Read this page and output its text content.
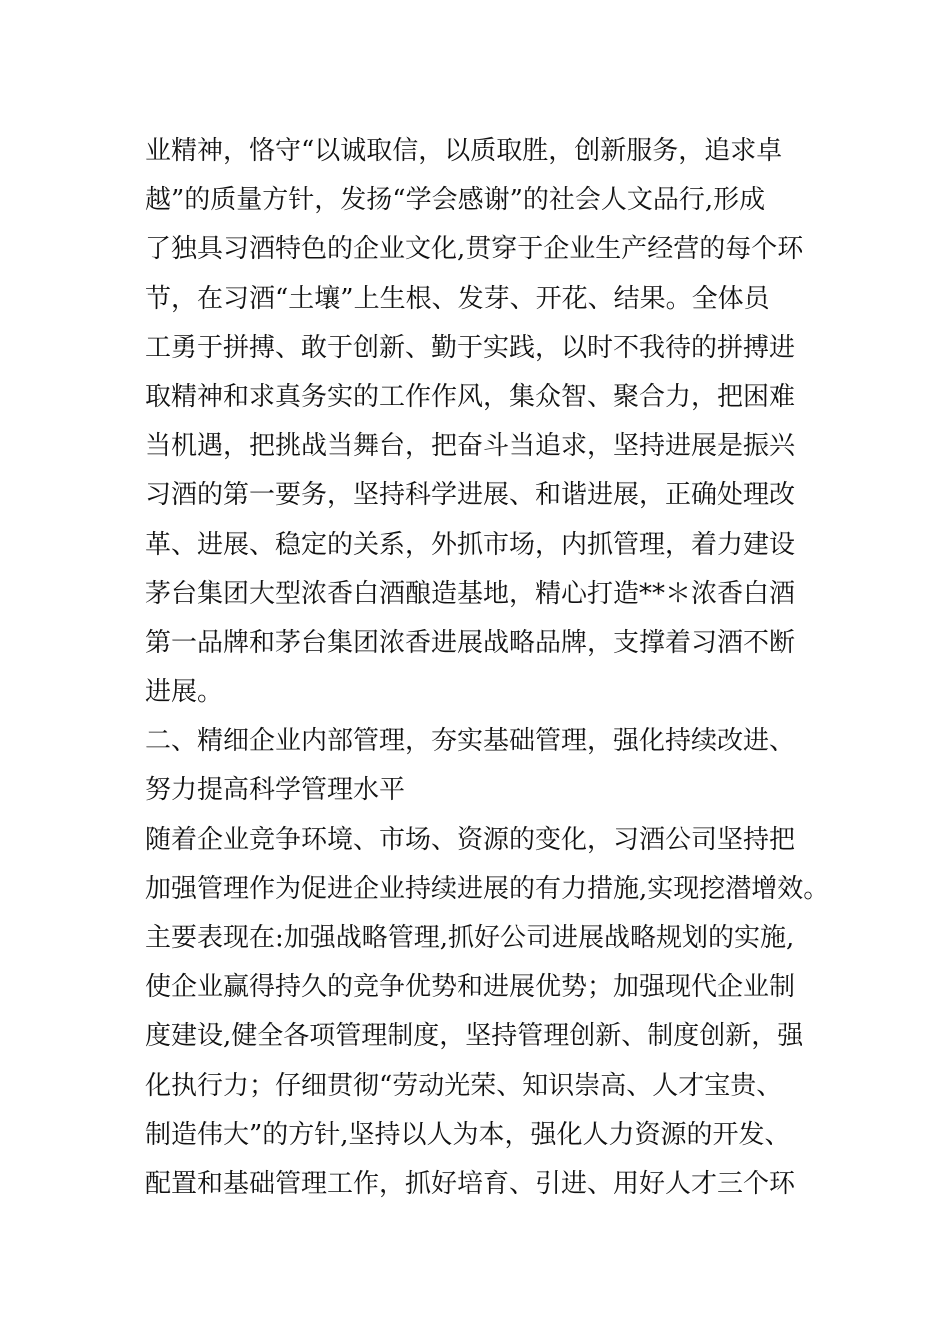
业精神，恪守“以诚取信，以质取胜，创新服务，追求卓
越”的质量方针，发扬“学会感谢”的社会人文品行,形成
了独具习酒特色的企业文化,贯穿于企业生产经营的每个环
节，在习酒“土壤”上生根、发芽、开花、结果。全体员
工勇于拼搏、敢于创新、勤于实践，以时不我待的拼搏进
取精神和求真务实的工作作风，集众智、聚合力，把困难
当机遇，把挑战当舞台，把奋斗当追求，坚持进展是振兴
习酒的第一要务，坚持科学进展、和谐进展，正确处理改
革、进展、稳定的关系，外抓市场，内抓管理，着力建设
茅台集团大型浓香白酒酿造基地，精心打造**＊浓香白酒
第一品牌和茅台集团浓香进展战略品牌，支撑着习酒不断
进展。
二、精细企业内部管理，夯实基础管理，强化持续改进、
努力提高科学管理水平
随着企业竞争环境、市场、资源的变化，习酒公司坚持把
加强管理作为促进企业持续进展的有力措施,实现挖潜增效。
主要表现在:加强战略管理,抓好公司进展战略规划的实施,
使企业赢得持久的竞争优势和进展优势；加强现代企业制
度建设,健全各项管理制度，坚持管理创新、制度创新，强
化执行力；仔细贯彻“劳动光荣、知识崇高、人才宝贵、
制造伟大”的方针,坚持以人为本，强化人力资源的开发、
配置和基础管理工作，抓好培育、引进、用好人才三个环
